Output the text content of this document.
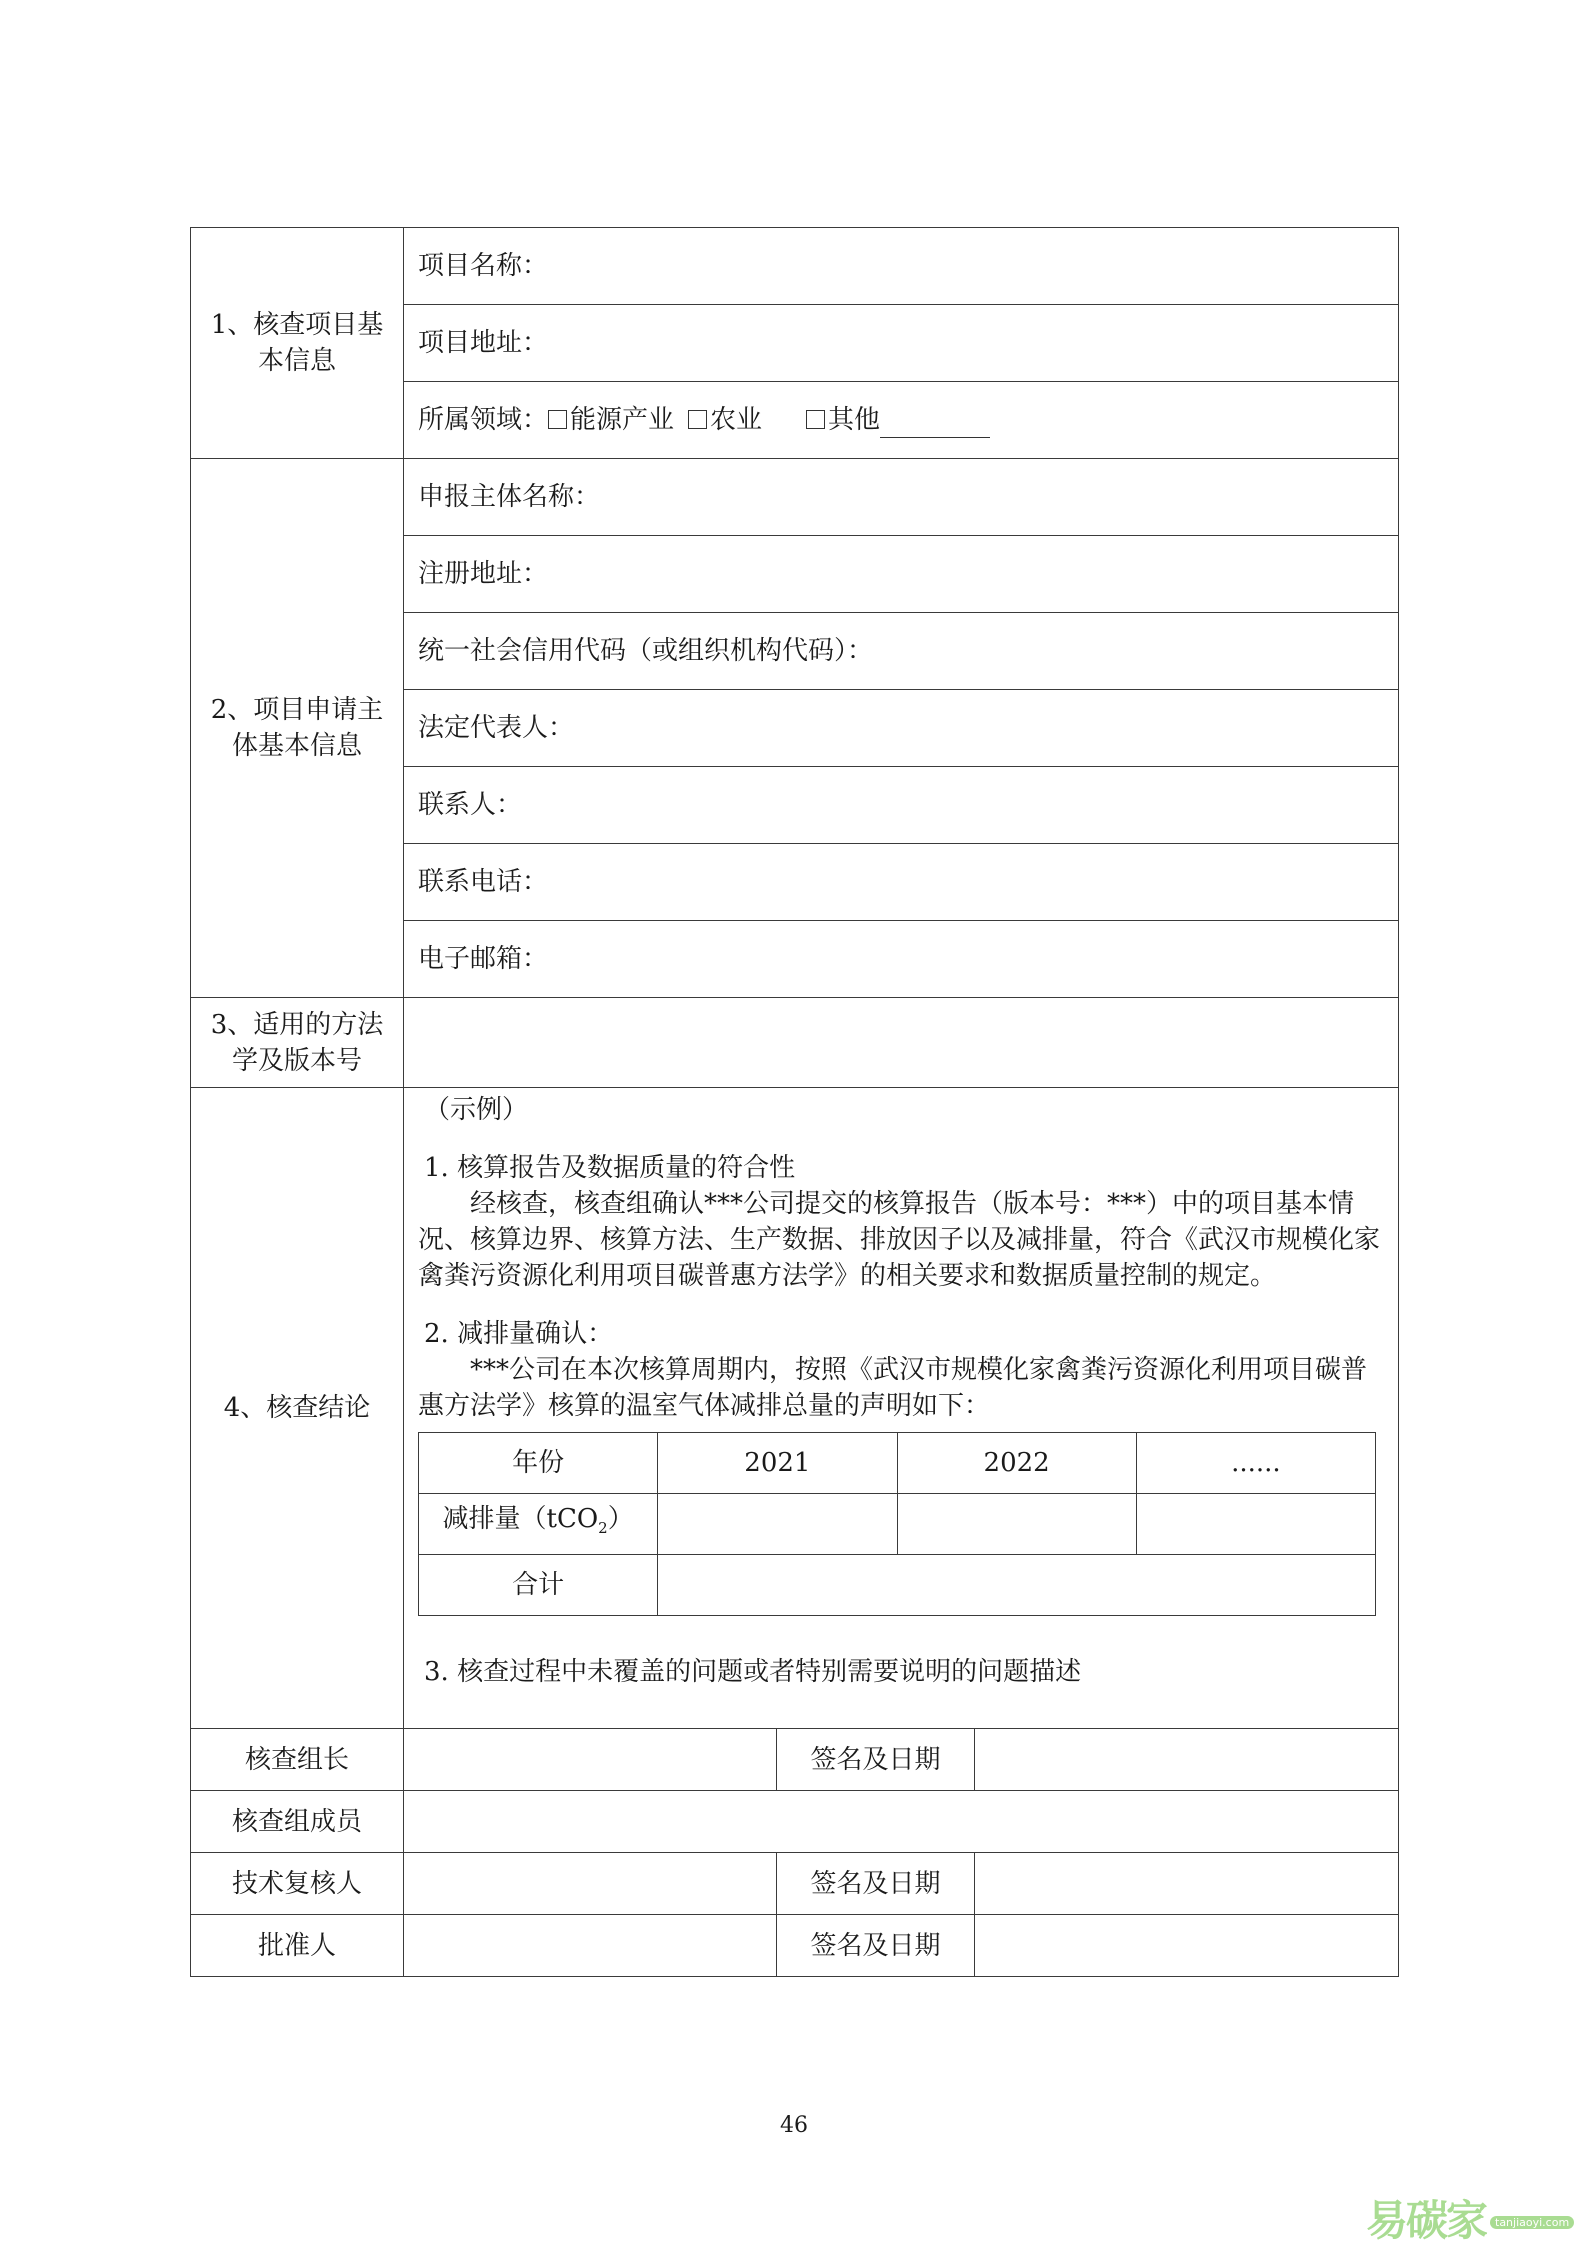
1、核查项目基本信息	项目名称：
项目地址：
所属领域： 能源产业 农业	其他
2、项目申请主体基本信息	申报主体名称：
注册地址：
统一社会信用代码（或组织机构代码）：
法定代表人：
联系人：
联系电话：
电子邮箱：
3、适用的方法学及版本号	
4、核查结论	

（示例）

1. 核算报告及数据质量的符合性

经核查，核查组确认***公司提交的核算报告（版本号：***）中的项目基本情况、核算边界、核算方法、生产数据、排放因子以及减排量，符合《武汉市规模化家禽粪污资源化利用项目碳普惠方法学》的相关要求和数据质量控制的规定。

2. 减排量确认：

***公司在本次核算周期内，按照《武汉市规模化家禽粪污资源化利用项目碳普惠方法学》核算的温室气体减排总量的声明如下：

年份	2021	2022	......
减排量（tCO$_2$）			
合计	

3. 核查过程中未覆盖的问题或者特别需要说明的问题描述

核查组长		签名及日期	
核查组成员	
技术复核人		签名及日期	
批准人		签名及日期	
46
易碳家 tanjiaoyi.com
